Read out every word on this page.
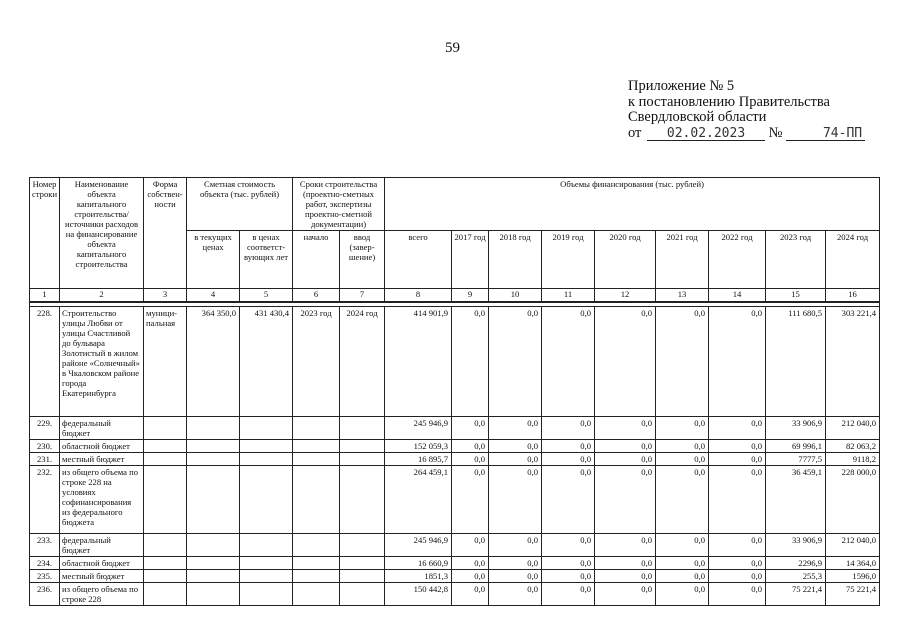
59
Приложение № 5
к постановлению Правительства
Свердловской области
от 02.02.2023 №	74-ПП
Номер строки	Наименование объекта капитального строительства/ источники расходов на финансирование объекта капитального строительства	Форма собствен-ности	Сметная стоимость объекта (тыс. рублей)		Сроки строительства (проектно-сметных работ, экспертизы проектно-сметной документации)		Объемы финансирования (тыс. рублей)								
			в текущих ценах	в ценах соответст-вующих лет	начало	ввод (завер-шение)	всего	2017 год	2018 год	2019 год	2020 год	2021 год	2022 год	2023 год	2024 год
1	2	3	4	5	6	7	8	9	10	11	12	13	14	15	16

228.	Строительство улицы Любви от улицы Счастливой до бульвара Золотистый в жилом районе «Солнечный» в Чкаловском районе города Екатеринбурга	муници-пальная	364 350,0	431 430,4	2023 год	2024 год	414 901,9	0,0	0,0	0,0	0,0	0,0	0,0	111 680,5	303 221,4
229.	федеральный бюджет						245 946,9	0,0	0,0	0,0	0,0	0,0	0,0	33 906,9	212 040,0
230.	областной бюджет						152 059,3	0,0	0,0	0,0	0,0	0,0	0,0	69 996,1	82 063,2
231.	местный бюджет						16 895,7	0,0	0,0	0,0	0,0	0,0	0,0	7777,5	9118,2
232.	из общего объема по строке 228 на условиях софинансирования из федерального бюджета						264 459,1	0,0	0,0	0,0	0,0	0,0	0,0	36 459,1	228 000,0
233.	федеральный бюджет						245 946,9	0,0	0,0	0,0	0,0	0,0	0,0	33 906,9	212 040,0
234.	областной бюджет						16 660,9	0,0	0,0	0,0	0,0	0,0	0,0	2296,9	14 364,0
235.	местный бюджет						1851,3	0,0	0,0	0,0	0,0	0,0	0,0	255,3	1596,0
236.	из общего объема по строке 228						150 442,8	0,0	0,0	0,0	0,0	0,0	0,0	75 221,4	75 221,4
